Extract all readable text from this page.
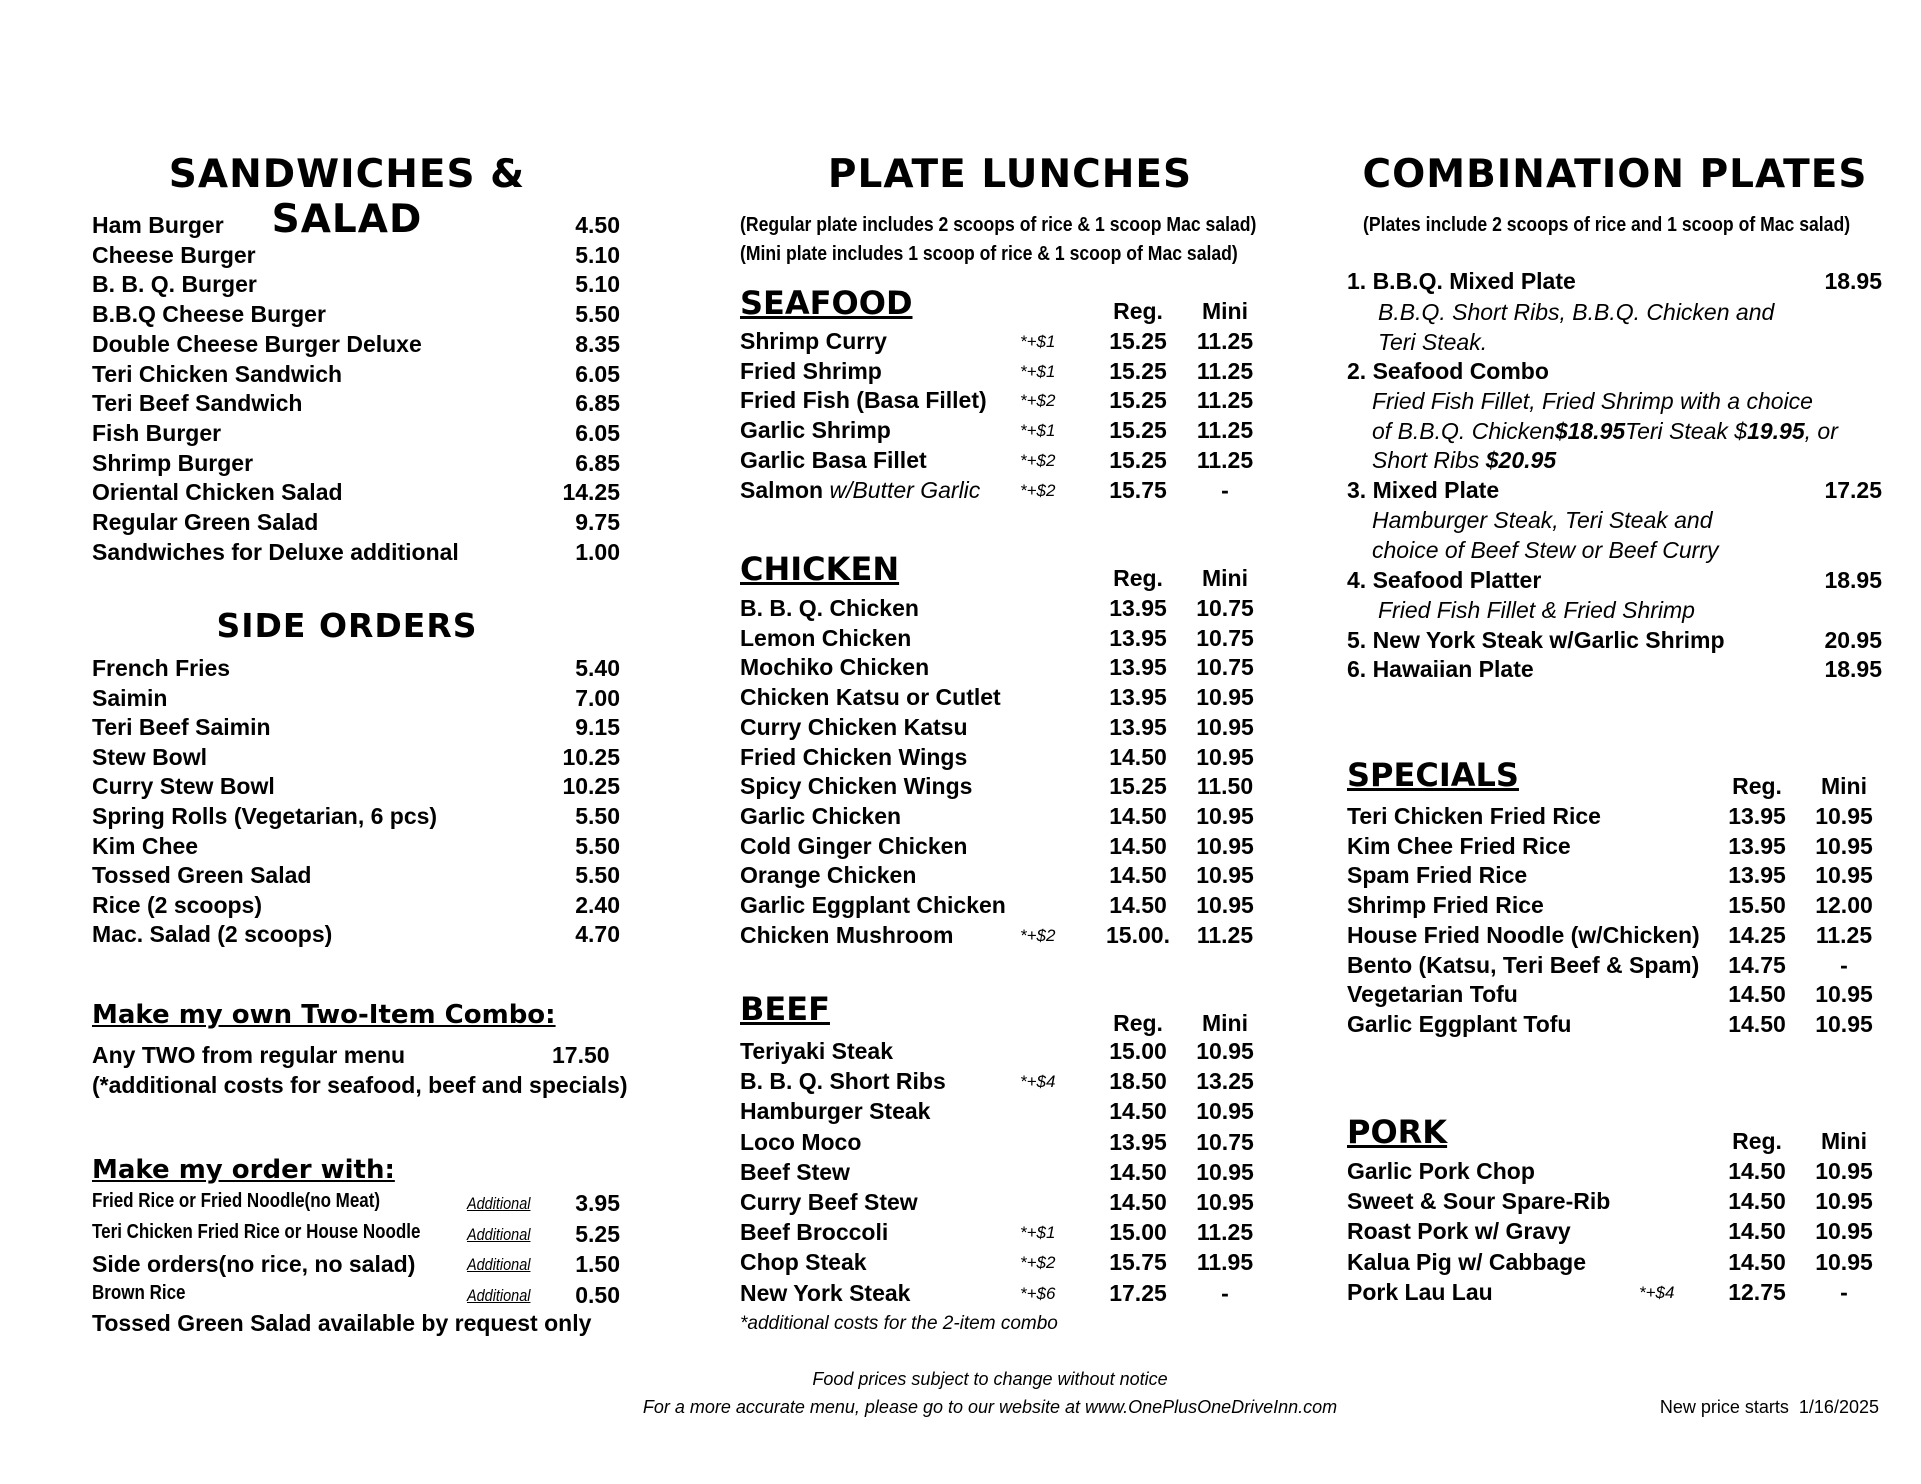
SANDWICHES & SALAD
Ham Burger	4.50
Cheese Burger	5.10
B. B. Q. Burger	5.10
B.B.Q Cheese Burger	5.50
Double Cheese Burger Deluxe	8.35
Teri Chicken Sandwich	6.05
Teri Beef Sandwich	6.85
Fish Burger	6.05
Shrimp Burger	6.85
Oriental Chicken Salad	14.25
Regular Green Salad	9.75
Sandwiches for Deluxe additional	1.00
SIDE ORDERS
French Fries	5.40
Saimin	7.00
Teri Beef Saimin	9.15
Stew Bowl	10.25
Curry Stew Bowl	10.25
Spring Rolls (Vegetarian, 6 pcs)	5.50
Kim Chee	5.50
Tossed Green Salad	5.50
Rice (2 scoops)	2.40
Mac. Salad (2 scoops)	4.70
Make my own Two-Item Combo:
Any TWO from regular menu	17.50
(*additional costs for seafood, beef and specials)
Make my order with:
Fried Rice or Fried Noodle(no Meat)	Additional 3.95
Teri Chicken Fried Rice or House Noodle	Additional 5.25
Side orders(no rice, no salad)	Additional 1.50
Brown Rice	Additional 0.50
Tossed Green Salad available by request only
PLATE LUNCHES
(Regular plate includes 2 scoops of rice & 1 scoop Mac salad)
(Mini plate includes 1 scoop of rice & 1 scoop of Mac salad)
SEAFOOD	Reg.	Mini
Shrimp Curry	*+$1	15.25	11.25
Fried Shrimp	*+$1	15.25	11.25
Fried Fish (Basa Fillet) *+$2	15.25	11.25
Garlic Shrimp	*+$1	15.25	11.25
Garlic Basa Fillet	*+$2	15.25	11.25
Salmon w/Butter Garlic *+$2	15.75	-
CHICKEN	Reg.	Mini
B. B. Q. Chicken	13.95	10.75
Lemon Chicken	13.95	10.75
Mochiko Chicken	13.95	10.75
Chicken Katsu or Cutlet	13.95	10.95
Curry Chicken Katsu	13.95	10.95
Fried Chicken Wings	14.50	10.95
Spicy Chicken Wings	15.25	11.50
Garlic Chicken	14.50	10.95
Cold Ginger Chicken	14.50	10.95
Orange Chicken	14.50	10.95
Garlic Eggplant Chicken	14.50	10.95
Chicken Mushroom	*+$2	15.00.	11.25
BEEF	Reg.	Mini
Teriyaki Steak	15.00	10.95
B. B. Q. Short Ribs	*+$4	18.50	13.25
Hamburger Steak	14.50	10.95
Loco Moco	13.95	10.75
Beef Stew	14.50	10.95
Curry Beef Stew	14.50	10.95
Beef Broccoli	*+$1	15.00	11.25
Chop Steak	*+$2	15.75	11.95
New York Steak	*+$6	17.25	-
*additional costs for the 2-item combo
COMBINATION PLATES
(Plates include 2 scoops of rice and 1 scoop of Mac salad)
1. B.B.Q. Mixed Plate	18.95
B.B.Q. Short Ribs, B.B.Q. Chicken and
Teri Steak.
2. Seafood Combo
Fried Fish Fillet, Fried Shrimp with a choice
of B.B.Q. Chicken$18.95Teri Steak $19.95, or
Short Ribs $20.95
3. Mixed Plate	17.25
Hamburger Steak, Teri Steak and
choice of Beef Stew or Beef Curry
4. Seafood Platter	18.95
Fried Fish Fillet & Fried Shrimp
5. New York Steak w/Garlic Shrimp	20.95
6. Hawaiian Plate	18.95
SPECIALS	Reg.	Mini
Teri Chicken Fried Rice	13.95	10.95
Kim Chee Fried Rice	13.95	10.95
Spam Fried Rice	13.95	10.95
Shrimp Fried Rice	15.50	12.00
House Fried Noodle (w/Chicken)	14.25	11.25
Bento (Katsu, Teri Beef & Spam)	14.75	-
Vegetarian Tofu	14.50	10.95
Garlic Eggplant Tofu	14.50	10.95
PORK	Reg.	Mini
Garlic Pork Chop	14.50	10.95
Sweet & Sour Spare-Rib	14.50	10.95
Roast Pork w/ Gravy	14.50	10.95
Kalua Pig w/ Cabbage	14.50	10.95
Pork Lau Lau	*+$4	12.75	-
Food prices subject to change without notice
For a more accurate menu, please go to our website at www.OnePlusOneDriveInn.com	New price starts  1/16/2025
